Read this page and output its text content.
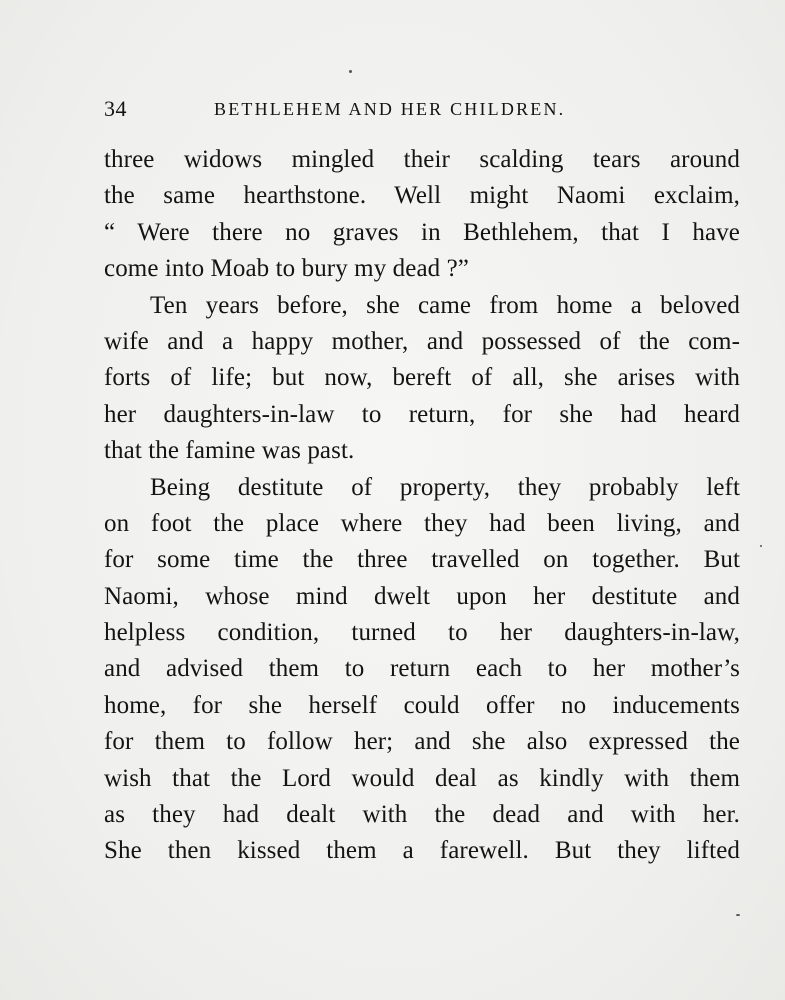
34	BETHLEHEM AND HER CHILDREN.
three widows mingled their scalding tears around
the same hearthstone. Well might Naomi exclaim,
“ Were there no graves in Bethlehem, that I have
come into Moab to bury my dead ?”
Ten years before, she came from home a beloved
wife and a happy mother, and possessed of the com-
forts of life; but now, bereft of all, she arises with
her daughters-in-law to return, for she had heard
that the famine was past.
Being destitute of property, they probably left
on foot the place where they had been living, and
for some time the three travelled on together. But
Naomi, whose mind dwelt upon her destitute and
helpless condition, turned to her daughters-in-law,
and advised them to return each to her mother’s
home, for she herself could offer no inducements
for them to follow her; and she also expressed the
wish that the Lord would deal as kindly with them
as they had dealt with the dead and with her.
She then kissed them a farewell. But they lifted
